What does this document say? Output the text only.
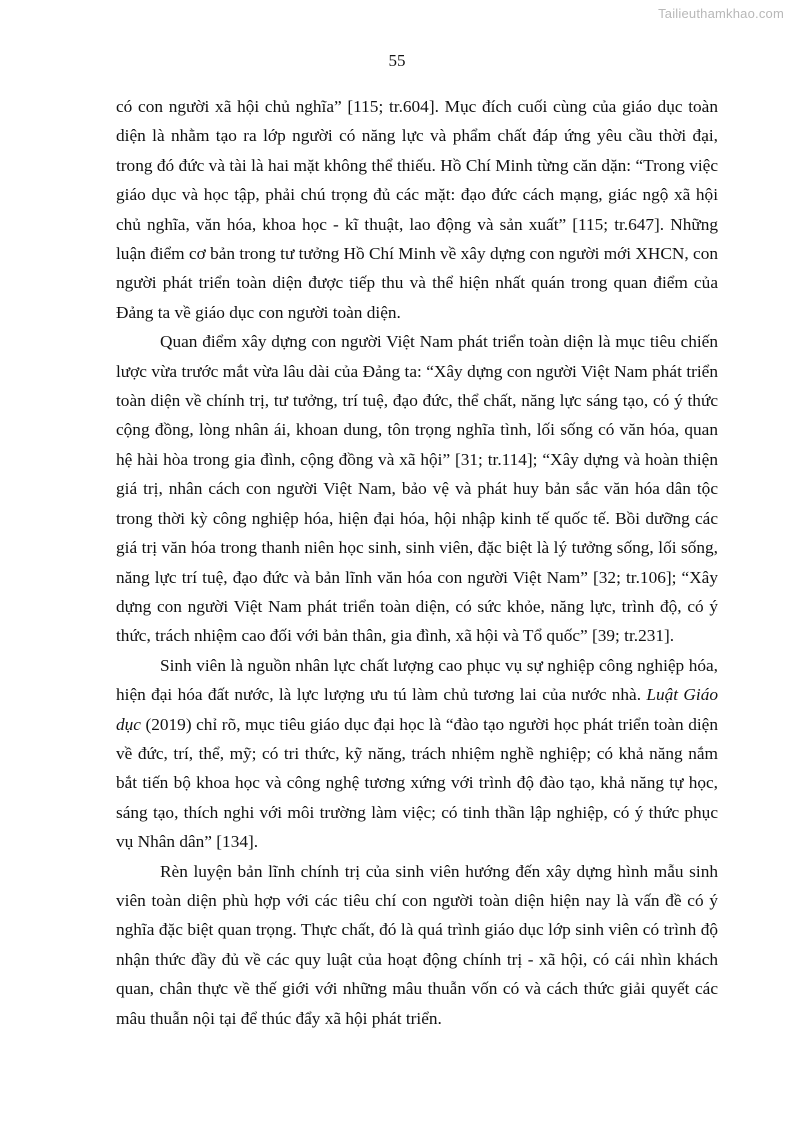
Tailieuthamkhao.com
55

có con người xã hội chủ nghĩa” [115; tr.604]. Mục đích cuối cùng của giáo dục toàn diện là nhằm tạo ra lớp người có năng lực và phẩm chất đáp ứng yêu cầu thời đại, trong đó đức và tài là hai mặt không thể thiếu. Hồ Chí Minh từng căn dặn: “Trong việc giáo dục và học tập, phải chú trọng đủ các mặt: đạo đức cách mạng, giác ngộ xã hội chủ nghĩa, văn hóa, khoa học - kĩ thuật, lao động và sản xuất” [115; tr.647]. Những luận điểm cơ bản trong tư tưởng Hồ Chí Minh về xây dựng con người mới XHCN, con người phát triển toàn diện được tiếp thu và thể hiện nhất quán trong quan điểm của Đảng ta về giáo dục con người toàn diện.

Quan điểm xây dựng con người Việt Nam phát triển toàn diện là mục tiêu chiến lược vừa trước mắt vừa lâu dài của Đảng ta: “Xây dựng con người Việt Nam phát triển toàn diện về chính trị, tư tưởng, trí tuệ, đạo đức, thể chất, năng lực sáng tạo, có ý thức cộng đồng, lòng nhân ái, khoan dung, tôn trọng nghĩa tình, lối sống có văn hóa, quan hệ hài hòa trong gia đình, cộng đồng và xã hội” [31; tr.114]; “Xây dựng và hoàn thiện giá trị, nhân cách con người Việt Nam, bảo vệ và phát huy bản sắc văn hóa dân tộc trong thời kỳ công nghiệp hóa, hiện đại hóa, hội nhập kinh tế quốc tế. Bồi dưỡng các giá trị văn hóa trong thanh niên học sinh, sinh viên, đặc biệt là lý tưởng sống, lối sống, năng lực trí tuệ, đạo đức và bản lĩnh văn hóa con người Việt Nam” [32; tr.106]; “Xây dựng con người Việt Nam phát triển toàn diện, có sức khỏe, năng lực, trình độ, có ý thức, trách nhiệm cao đối với bản thân, gia đình, xã hội và Tổ quốc” [39; tr.231].

Sinh viên là nguồn nhân lực chất lượng cao phục vụ sự nghiệp công nghiệp hóa, hiện đại hóa đất nước, là lực lượng ưu tú làm chủ tương lai của nước nhà. Luật Giáo dục (2019) chỉ rõ, mục tiêu giáo dục đại học là “đào tạo người học phát triển toàn diện về đức, trí, thể, mỹ; có tri thức, kỹ năng, trách nhiệm nghề nghiệp; có khả năng nắm bắt tiến bộ khoa học và công nghệ tương xứng với trình độ đào tạo, khả năng tự học, sáng tạo, thích nghi với môi trường làm việc; có tinh thần lập nghiệp, có ý thức phục vụ Nhân dân” [134].

Rèn luyện bản lĩnh chính trị của sinh viên hướng đến xây dựng hình mẫu sinh viên toàn diện phù hợp với các tiêu chí con người toàn diện hiện nay là vấn đề có ý nghĩa đặc biệt quan trọng. Thực chất, đó là quá trình giáo dục lớp sinh viên có trình độ nhận thức đầy đủ về các quy luật của hoạt động chính trị - xã hội, có cái nhìn khách quan, chân thực về thế giới với những mâu thuẫn vốn có và cách thức giải quyết các mâu thuẫn nội tại để thúc đẩy xã hội phát triển.
